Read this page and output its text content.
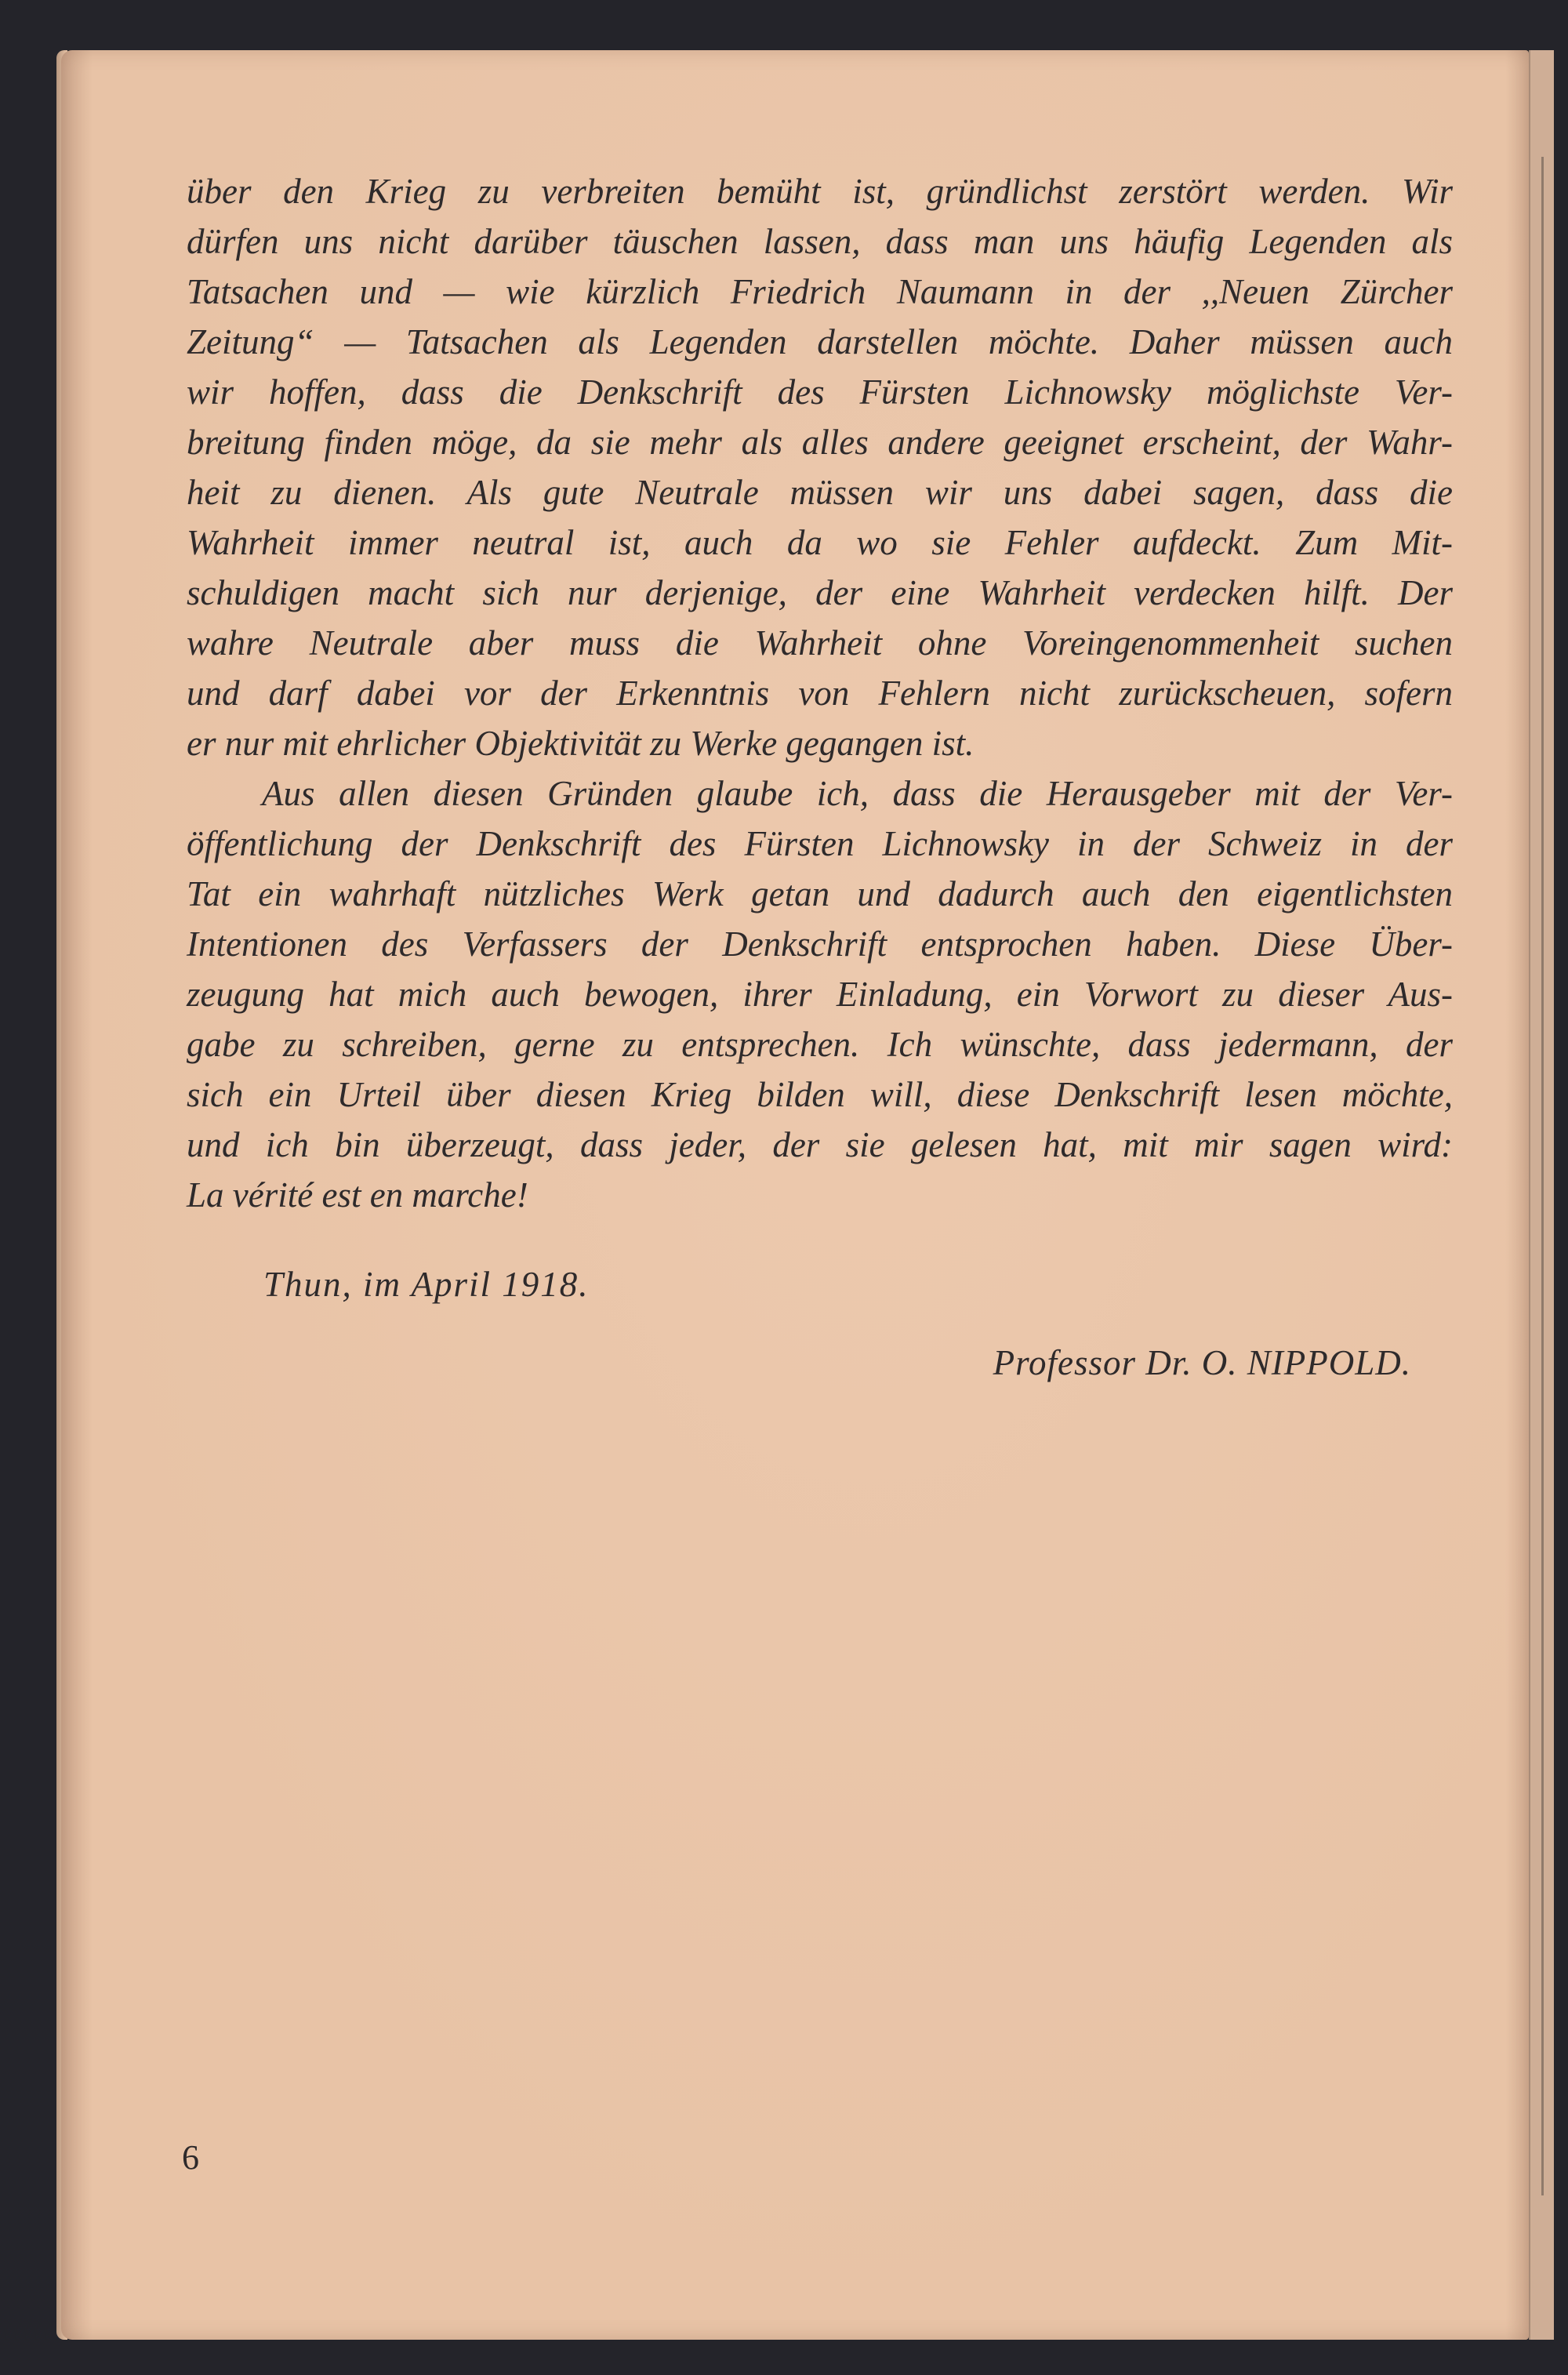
über den Krieg zu verbreiten bemüht ist, gründlichst zerstört werden. Wir
dürfen uns nicht darüber täuschen lassen, dass man uns häufig Legenden als
Tatsachen und — wie kürzlich Friedrich Naumann in der ,,Neuen Zürcher
Zeitung“ — Tatsachen als Legenden darstellen möchte. Daher müssen auch
wir hoffen, dass die Denkschrift des Fürsten Lichnowsky möglichste Ver-
breitung finden möge, da sie mehr als alles andere geeignet erscheint, der Wahr-
heit zu dienen. Als gute Neutrale müssen wir uns dabei sagen, dass die
Wahrheit immer neutral ist, auch da wo sie Fehler aufdeckt. Zum Mit-
schuldigen macht sich nur derjenige, der eine Wahrheit verdecken hilft. Der
wahre Neutrale aber muss die Wahrheit ohne Voreingenommenheit suchen
und darf dabei vor der Erkenntnis von Fehlern nicht zurückscheuen, sofern
er nur mit ehrlicher Objektivität zu Werke gegangen ist.
Aus allen diesen Gründen glaube ich, dass die Herausgeber mit der Ver-
öffentlichung der Denkschrift des Fürsten Lichnowsky in der Schweiz in der
Tat ein wahrhaft nützliches Werk getan und dadurch auch den eigentlichsten
Intentionen des Verfassers der Denkschrift entsprochen haben. Diese Über-
zeugung hat mich auch bewogen, ihrer Einladung, ein Vorwort zu dieser Aus-
gabe zu schreiben, gerne zu entsprechen. Ich wünschte, dass jedermann, der
sich ein Urteil über diesen Krieg bilden will, diese Denkschrift lesen möchte,
und ich bin überzeugt, dass jeder, der sie gelesen hat, mit mir sagen wird:
La vérité est en marche!
Thun, im April 1918.
Professor Dr. O. NIPPOLD.
6
